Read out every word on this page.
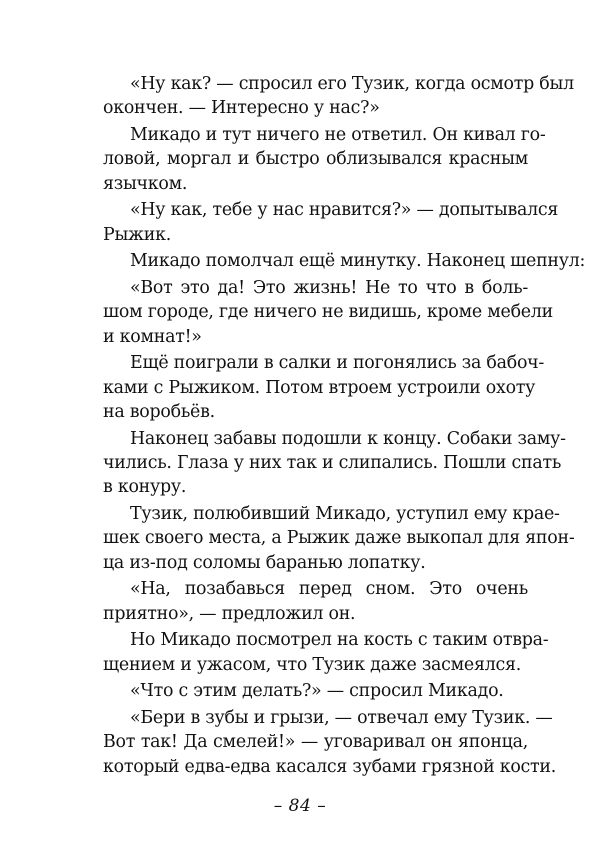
«Ну как? — спросил его Тузик, когда осмотр был
окончен. — Интересно у нас?»

Микадо и тут ничего не ответил. Он кивал го-
ловой, моргал и быстро облизывался красным
язычком.

«Ну как, тебе у нас нравится?» — допытывался
Рыжик.

Микадо помолчал ещё минутку. Наконец шепнул:

«Вот это да! Это жизнь! Не то что в боль-
шом городе, где ничего не видишь, кроме мебели
и комнат!»

Ещё поиграли в салки и погонялись за бабоч-
ками с Рыжиком. Потом втроем устроили охоту
на воробьёв.

Наконец забавы подошли к концу. Собаки заму-
чились. Глаза у них так и слипались. Пошли спать
в конуру.

Тузик, полюбивший Микадо, уступил ему крае-
шек своего места, а Рыжик даже выкопал для япон-
ца из-под соломы баранью лопатку.

«На, позабавься перед сном. Это очень
приятно», — предложил он.

Но Микадо посмотрел на кость с таким отвра-
щением и ужасом, что Тузик даже засмеялся.

«Что с этим делать?» — спросил Микадо.

«Бери в зубы и грызи, — отвечал ему Тузик. —
Вот так! Да смелей!» — уговаривал он японца,
который едва-едва касался зубами грязной кости.

– 84 –
